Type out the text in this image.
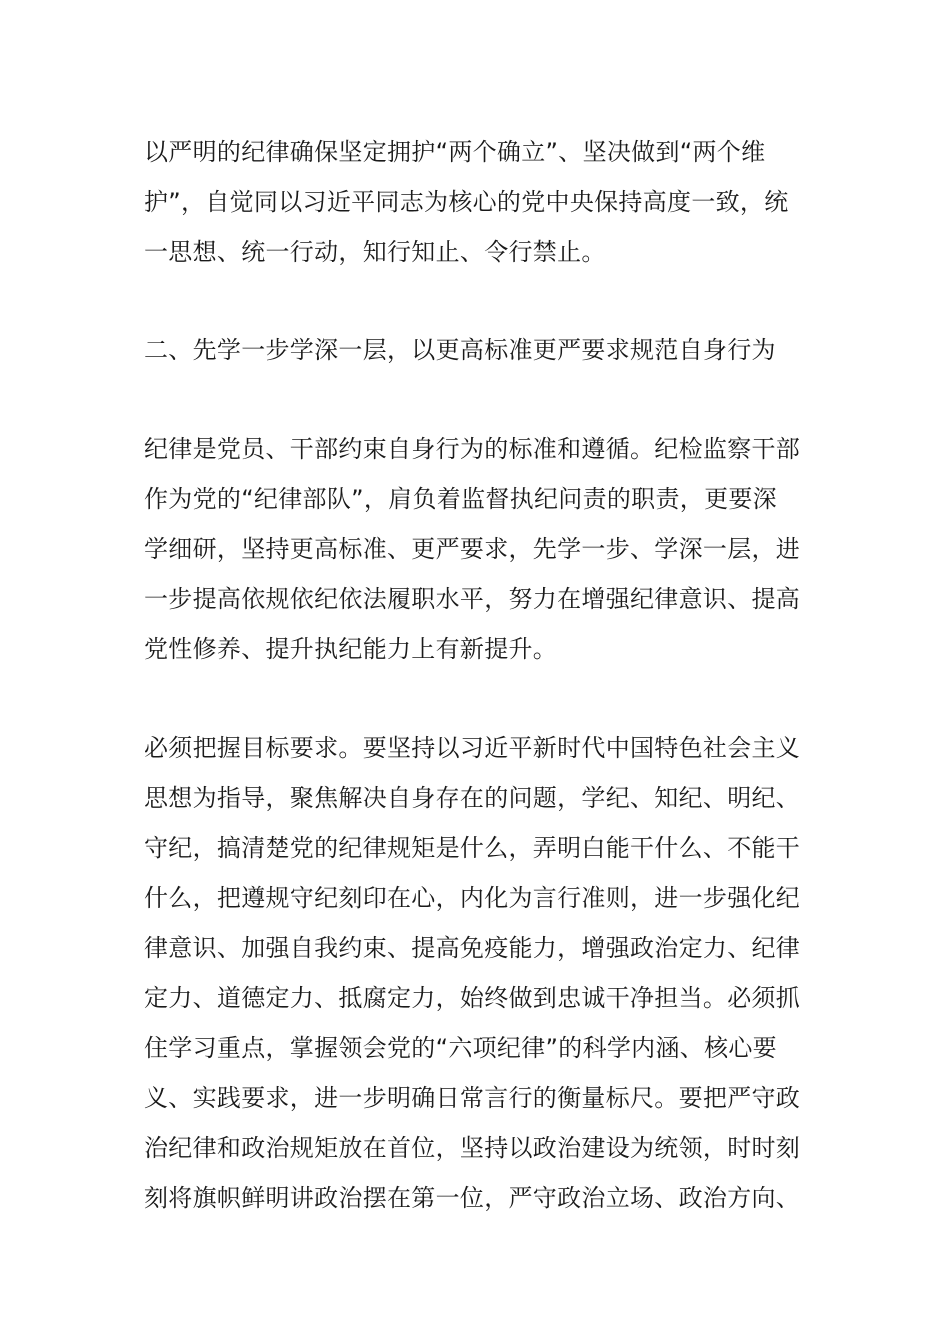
以严明的纪律确保坚定拥护“两个确立”、坚决做到“两个维
护”，自觉同以习近平同志为核心的党中央保持高度一致，统
一思想、统一行动，知行知止、令行禁止。
二、先学一步学深一层，以更高标准更严要求规范自身行为
纪律是党员、干部约束自身行为的标准和遵循。纪检监察干部
作为党的“纪律部队”，肩负着监督执纪问责的职责，更要深
学细研，坚持更高标准、更严要求，先学一步、学深一层，进
一步提高依规依纪依法履职水平，努力在增强纪律意识、提高
党性修养、提升执纪能力上有新提升。
必须把握目标要求。要坚持以习近平新时代中国特色社会主义
思想为指导，聚焦解决自身存在的问题，学纪、知纪、明纪、
守纪，搞清楚党的纪律规矩是什么，弄明白能干什么、不能干
什么，把遵规守纪刻印在心，内化为言行准则，进一步强化纪
律意识、加强自我约束、提高免疫能力，增强政治定力、纪律
定力、道德定力、抵腐定力，始终做到忠诚干净担当。必须抓
住学习重点，掌握领会党的“六项纪律”的科学内涵、核心要
义、实践要求，进一步明确日常言行的衡量标尺。要把严守政
治纪律和政治规矩放在首位，坚持以政治建设为统领，时时刻
刻将旗帜鲜明讲政治摆在第一位，严守政治立场、政治方向、
